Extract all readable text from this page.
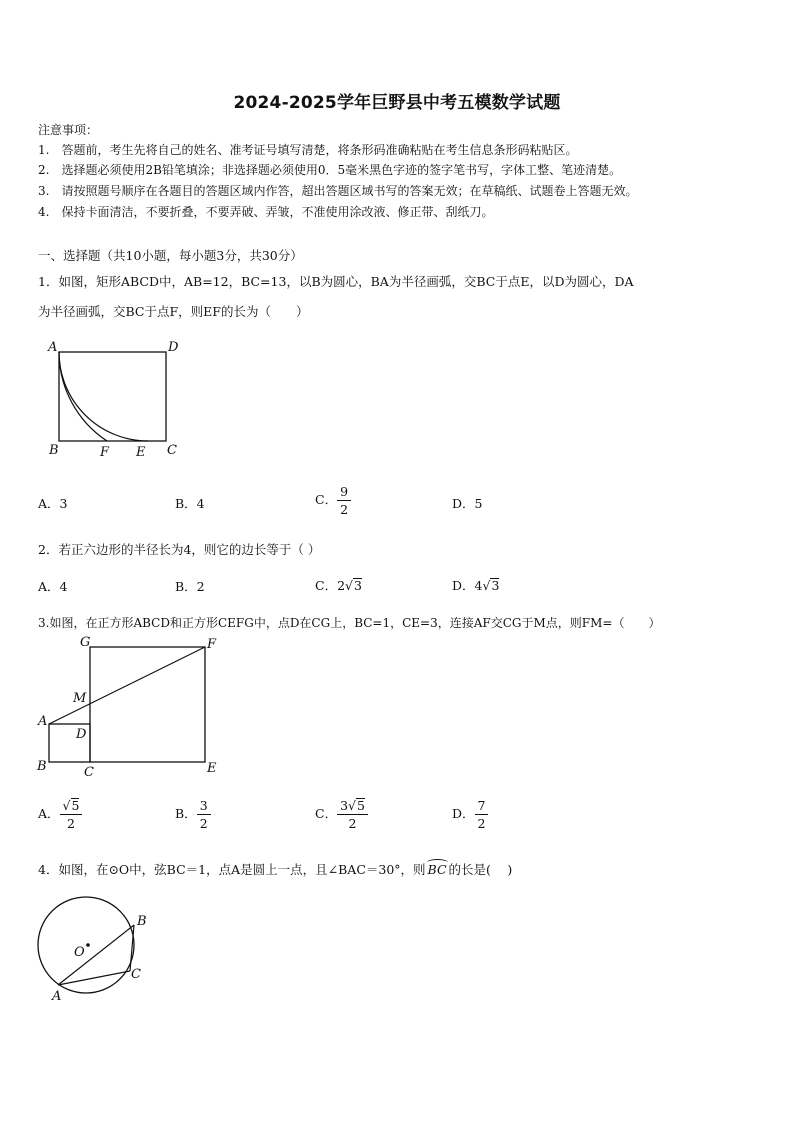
2024-2025学年巨野县中考五模数学试题
注意事项：
1.　答题前，考生先将自己的姓名、准考证号填写清楚，将条形码准确粘贴在考生信息条形码粘贴区。
2.　选择题必须使用2B铅笔填涂；非选择题必须使用0．5毫米黑色字迹的签字笔书写，字体工整、笔迹清楚。
3.　请按照题号顺序在各题目的答题区域内作答，超出答题区域书写的答案无效；在草稿纸、试题卷上答题无效。
4.　保持卡面清洁，不要折叠，不要弄破、弄皱，不准使用涂改液、修正带、刮纸刀。
一、选择题（共10小题，每小题3分，共30分）
1．如图，矩形ABCD中，AB=12，BC=13，以B为圆心，BA为半径画弧，交BC于点E，以D为圆心，DA
为半径画弧，交BC于点F，则EF的长为（　　）
A	D
B	F E C
A．3	B．4	C． $\frac{9}{2}$	D．5
2．若正六边形的半径长为4，则它的边长等于（ ）
A．4	B．2	C．2√3	D．4√3
3.如图，在正方形ABCD和正方形CEFG中，点D在CG上，BC=1，CE=3，连接AF交CG于M点，则FM=（　　）
G	F
M
A
D
B	C	E
A． $\frac{√5}{2}$	B． $\frac{3}{2}$	C． $\frac{3√5}{2}$	D． $\frac{7}{2}$
4．如图，在⊙O中，弦BC＝1，点A是圆上一点，且∠BAC＝30°，则 BC 的长是(　 )
O
B
C
A
